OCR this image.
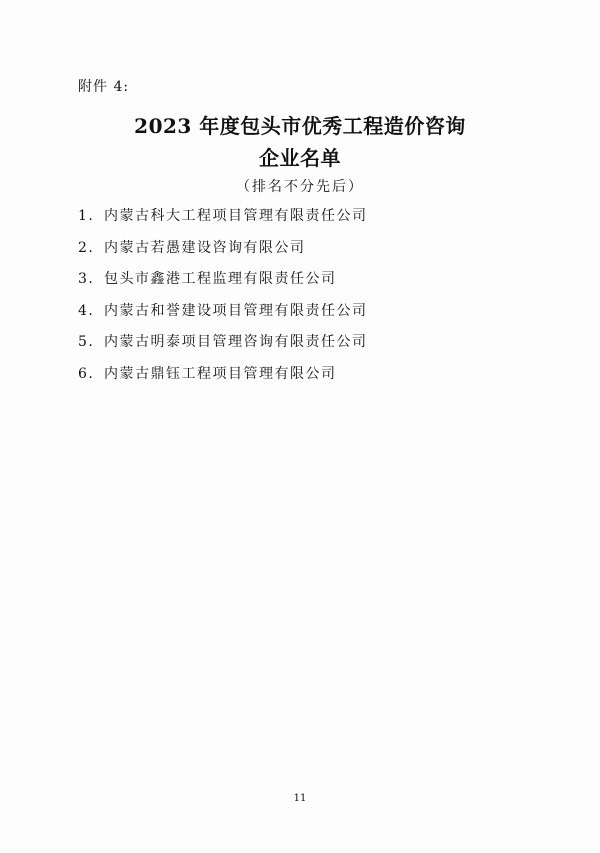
附件 4:
2023 年度包头市优秀工程造价咨询
企业名单
（排名不分先后）
1. 内蒙古科大工程项目管理有限责任公司
2. 内蒙古若愚建设咨询有限公司
3. 包头市鑫港工程监理有限责任公司
4. 内蒙古和誉建设项目管理有限责任公司
5. 内蒙古明泰项目管理咨询有限责任公司
6. 内蒙古鼎钰工程项目管理有限公司
11
